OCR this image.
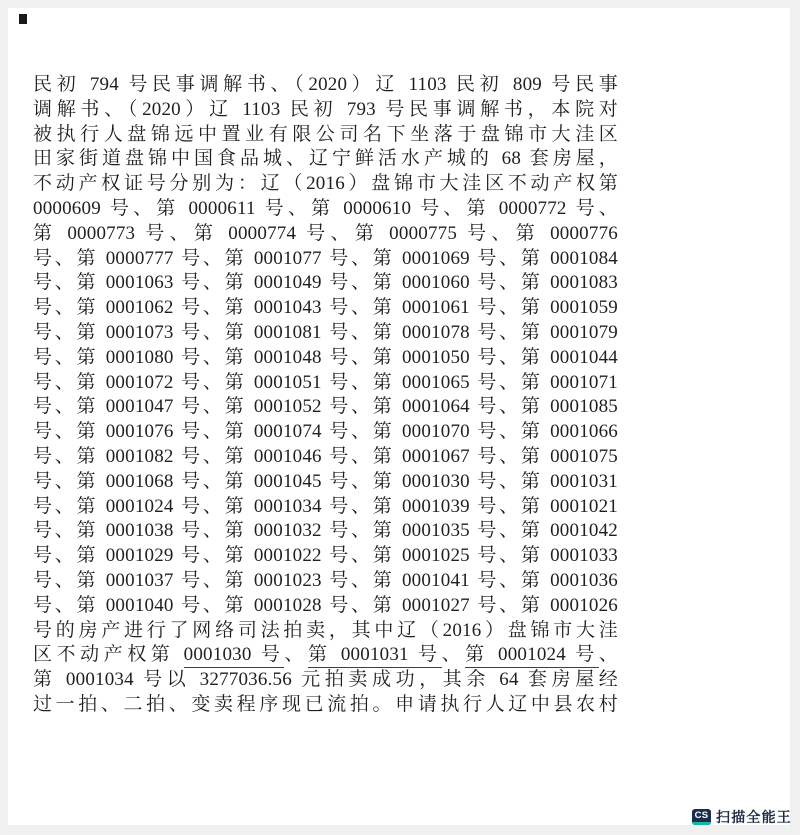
民初 794 号民事调解书、（2020）辽 1103 民初 809 号民事
调解书、（2020）辽 1103 民初 793 号民事调解书，本院对
被执行人盘锦远中置业有限公司名下坐落于盘锦市大洼区
田家街道盘锦中国食品城、辽宁鲜活水产城的 68 套房屋，
不动产权证号分别为：辽（2016）盘锦市大洼区不动产权第
0000609 号、第 0000611 号、第 0000610 号、第 0000772 号、
第 0000773 号、第 0000774 号、第 0000775 号、第 0000776
号、第 0000777 号、第 0001077 号、第 0001069 号、第 0001084
号、第 0001063 号、第 0001049 号、第 0001060 号、第 0001083
号、第 0001062 号、第 0001043 号、第 0001061 号、第 0001059
号、第 0001073 号、第 0001081 号、第 0001078 号、第 0001079
号、第 0001080 号、第 0001048 号、第 0001050 号、第 0001044
号、第 0001072 号、第 0001051 号、第 0001065 号、第 0001071
号、第 0001047 号、第 0001052 号、第 0001064 号、第 0001085
号、第 0001076 号、第 0001074 号、第 0001070 号、第 0001066
号、第 0001082 号、第 0001046 号、第 0001067 号、第 0001075
号、第 0001068 号、第 0001045 号、第 0001030 号、第 0001031
号、第 0001024 号、第 0001034 号、第 0001039 号、第 0001021
号、第 0001038 号、第 0001032 号、第 0001035 号、第 0001042
号、第 0001029 号、第 0001022 号、第 0001025 号、第 0001033
号、第 0001037 号、第 0001023 号、第 0001041 号、第 0001036
号、第 0001040 号、第 0001028 号、第 0001027 号、第 0001026
号的房产进行了网络司法拍卖，其中辽（2016）盘锦市大洼
区不动产权第 0001030 号、第 0001031 号、第 0001024 号、
第 0001034 号以 3277036.56 元拍卖成功，其余 64 套房屋经
过一拍、二拍、变卖程序现已流拍。申请执行人辽中县农村
CS 扫描全能王
